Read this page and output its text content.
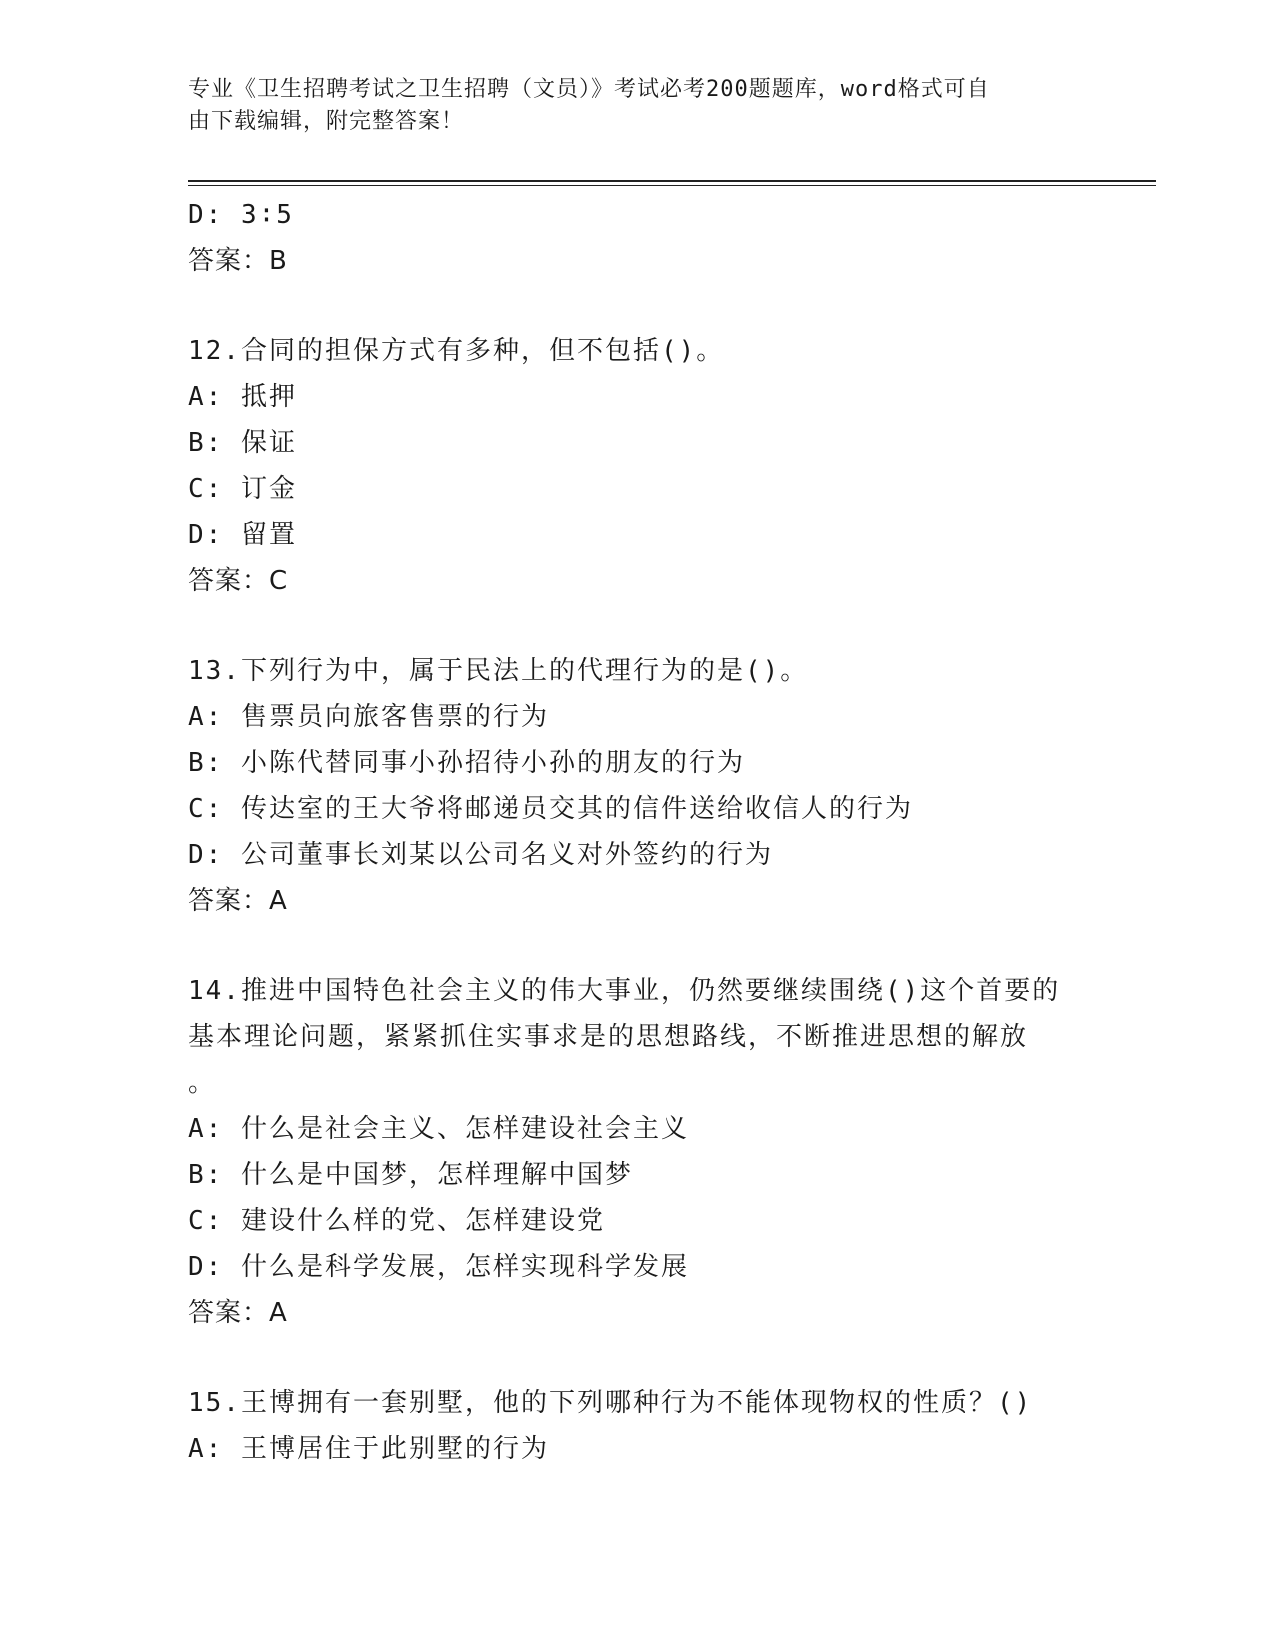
专业《卫生招聘考试之卫生招聘（文员）》考试必考200题题库，word格式可自
由下载编辑，附完整答案！
D: 3∶5
答案：B
12.合同的担保方式有多种，但不包括()。
A: 抵押
B: 保证
C: 订金
D: 留置
答案：C
13.下列行为中，属于民法上的代理行为的是()。
A: 售票员向旅客售票的行为
B: 小陈代替同事小孙招待小孙的朋友的行为
C: 传达室的王大爷将邮递员交其的信件送给收信人的行为
D: 公司董事长刘某以公司名义对外签约的行为
答案：A
14.推进中国特色社会主义的伟大事业，仍然要继续围绕()这个首要的
基本理论问题，紧紧抓住实事求是的思想路线，不断推进思想的解放
。
A: 什么是社会主义、怎样建设社会主义
B: 什么是中国梦，怎样理解中国梦
C: 建设什么样的党、怎样建设党
D: 什么是科学发展，怎样实现科学发展
答案：A
15.王博拥有一套别墅，他的下列哪种行为不能体现物权的性质？()
A: 王博居住于此别墅的行为
